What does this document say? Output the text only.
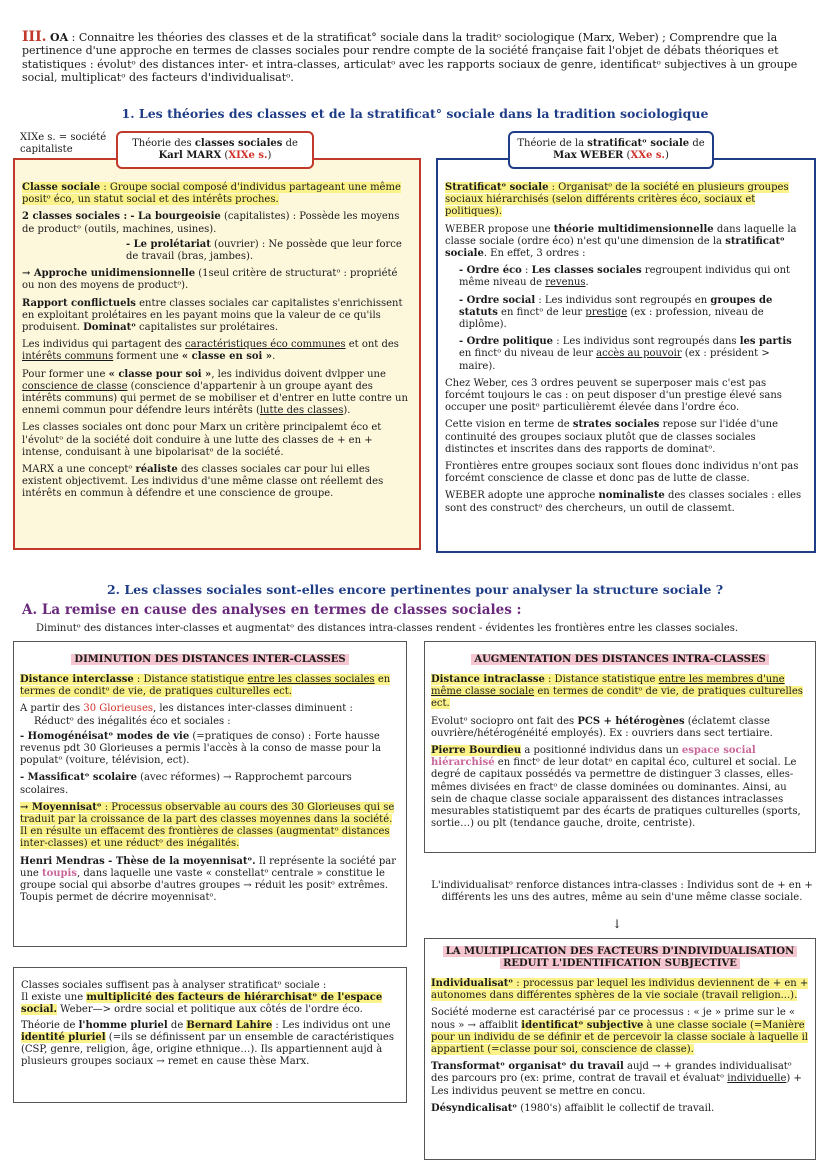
III. OA : Connaitre les théories des classes et de la stratificat° sociale dans la traditᵒ sociologique (Marx, Weber) ; Comprendre que la pertinence d'une approche en termes de classes sociales pour rendre compte de la société française fait l'objet de débats théoriques et statistiques : évolutᵒ des distances inter- et intra-classes, articulatᵒ avec les rapports sociaux de genre, identificatᵒ subjectives à un groupe social, multiplicatᵒ des facteurs d'individualisatᵒ.
1. Les théories des classes et de la stratificat° sociale dans la tradition sociologique
XIXe s. = société capitaliste
Théorie des classes sociales de
Karl MARX (XIXe s.)

Classe sociale : Groupe social composé d'individus partageant une même positᵒ éco, un statut social et des intérêts proches.

2 classes sociales : - La bourgeoisie (capitalistes) : Possède les moyens de productᵒ (outils, machines, usines).

- Le prolétariat (ouvrier) : Ne possède que leur force de travail (bras, jambes).

→ Approche unidimensionnelle (1seul critère de structuratᵒ : propriété ou non des moyens de productᵒ).

Rapport conflictuels entre classes sociales car capitalistes s'enrichissent en exploitant prolétaires en les payant moins que la valeur de ce qu'ils produisent. Dominatᵒ capitalistes sur prolétaires.

Les individus qui partagent des caractéristiques éco communes et ont des intérêts communs forment une « classe en soi ».

Pour former une « classe pour soi », les individus doivent dvlpper une conscience de classe (conscience d'appartenir à un groupe ayant des intérêts communs) qui permet de se mobiliser et d'entrer en lutte contre un ennemi commun pour défendre leurs intérêts (lutte des classes).

Les classes sociales ont donc pour Marx un critère principalemt éco et l'évolutᵒ de la société doit conduire à une lutte des classes de + en + intense, conduisant à une bipolarisatᵒ de la société.

MARX a une conceptᵒ réaliste des classes sociales car pour lui elles existent objectivemt. Les individus d'une même classe ont réellemt des intérêts en commun à défendre et une conscience de groupe.

Théorie de la stratificatᵒ sociale de
Max WEBER (XXe s.)

Stratificatᵒ sociale : Organisatᵒ de la société en plusieurs groupes sociaux hiérarchisés (selon différents critères éco, sociaux et politiques).

WEBER propose une théorie multidimensionnelle dans laquelle la classe sociale (ordre éco) n'est qu'une dimension de la stratificatᵒ sociale. En effet, 3 ordres :

- Ordre éco : Les classes sociales regroupent individus qui ont même niveau de revenus.

- Ordre social : Les individus sont regroupés en groupes de statuts en finctᵒ de leur prestige (ex : profession, niveau de diplôme).

- Ordre politique : Les individus sont regroupés dans les partis en finctᵒ du niveau de leur accès au pouvoir (ex : président > maire).

Chez Weber, ces 3 ordres peuvent se superposer mais c'est pas forcémt toujours le cas : on peut disposer d'un prestige élevé sans occuper une positᵒ particulièremt élevée dans l'ordre éco.

Cette vision en terme de strates sociales repose sur l'idée d'une continuité des groupes sociaux plutôt que de classes sociales distinctes et inscrites dans des rapports de dominatᵒ.

Frontières entre groupes sociaux sont floues donc individus n'ont pas forcémt conscience de classe et donc pas de lutte de classe.

WEBER adopte une approche nominaliste des classes sociales : elles sont des constructᵒ des chercheurs, un outil de classemt.

2. Les classes sociales sont-elles encore pertinentes pour analyser la structure sociale ?
A. La remise en cause des analyses en termes de classes sociales :
Diminutᵒ des distances inter-classes et augmentatᵒ des distances intra-classes rendent - évidentes les frontières entre les classes sociales.
DIMINUTION DES DISTANCES INTER-CLASSES

Distance interclasse : Distance statistique entre les classes sociales en termes de conditᵒ de vie, de pratiques culturelles ect.

A partir des 30 Glorieuses, les distances inter-classes diminuent :
Réductᵒ des inégalités éco et sociales :

- Homogénéisatᵒ modes de vie (=pratiques de conso) : Forte hausse revenus pdt 30 Glorieuses a permis l'accès à la conso de masse pour la populatᵒ (voiture, télévision, ect).

- Massificatᵒ scolaire (avec réformes) → Rapprochemt parcours scolaires.

→ Moyennisatᵒ : Processus observable au cours des 30 Glorieuses qui se traduit par la croissance de la part des classes moyennes dans la société. Il en résulte un effacemt des frontières de classes (augmentatᵒ distances inter-classes) et une réductᵒ des inégalités.

Henri Mendras - Thèse de la moyennisatᵒ. Il représente la société par une toupis, dans laquelle une vaste « constellatᵒ centrale » constitue le groupe social qui absorbe d'autres groupes → réduit les positᵒ extrêmes. Toupis permet de décrire moyennisatᵒ.

AUGMENTATION DES DISTANCES INTRA-CLASSES

Distance intraclasse : Distance statistique entre les membres d'une même classe sociale en termes de conditᵒ de vie, de pratiques culturelles ect.

Evolutᵒ sociopro ont fait des PCS + hétérogènes (éclatemt classe ouvrière/hétérogénéité employés). Ex : ouvriers dans sect tertiaire.

Pierre Bourdieu a positionné individus dans un espace social hiérarchisé en finctᵒ de leur dotatᵒ en capital éco, culturel et social. Le degré de capitaux possédés va permettre de distinguer 3 classes, elles-mêmes divisées en fractᵒ de classe dominées ou dominantes. Ainsi, au sein de chaque classe sociale apparaissent des distances intraclasses mesurables statistiquemt par des écarts de pratiques culturelles (sports, sortie…) ou plt (tendance gauche, droite, centriste).

L'individualisatᵒ renforce distances intra-classes : Individus sont de + en + différents les uns des autres, même au sein d'une même classe sociale.
↓
LA MULTIPLICATION DES FACTEURS D'INDIVIDUALISATION
REDUIT L'IDENTIFICATION SUBJECTIVE

Individualisatᵒ : processus par lequel les individus deviennent de + en + autonomes dans différentes sphères de la vie sociale (travail religion...).

Société moderne est caractérisé par ce processus : « je » prime sur le « nous » → affaiblit identificatᵒ subjective à une classe sociale (=Manière pour un individu de se définir et de percevoir la classe sociale à laquelle il appartient (=classe pour soi, conscience de classe).

Transformatᵒ organisatᵒ du travail aujd → + grandes individualisatᵒ des parcours pro (ex: prime, contrat de travail et évaluatᵒ individuelle) + Les individus peuvent se mettre en concu.

Désyndicalisatᵒ (1980's) affaiblit le collectif de travail.

Classes sociales suffisent pas à analyser stratificatᵒ sociale :
Il existe une multiplicité des facteurs de hiérarchisatᵒ de l'espace social. Weber—> ordre social et politique aux côtés de l'ordre éco.

Théorie de l'homme pluriel de Bernard Lahire : Les individus ont une identité pluriel (=ils se définissent par un ensemble de caractéristiques (CSP, genre, religion, âge, origine ethnique…). Ils appartiennent aujd à plusieurs groupes sociaux → remet en cause thèse Marx.
